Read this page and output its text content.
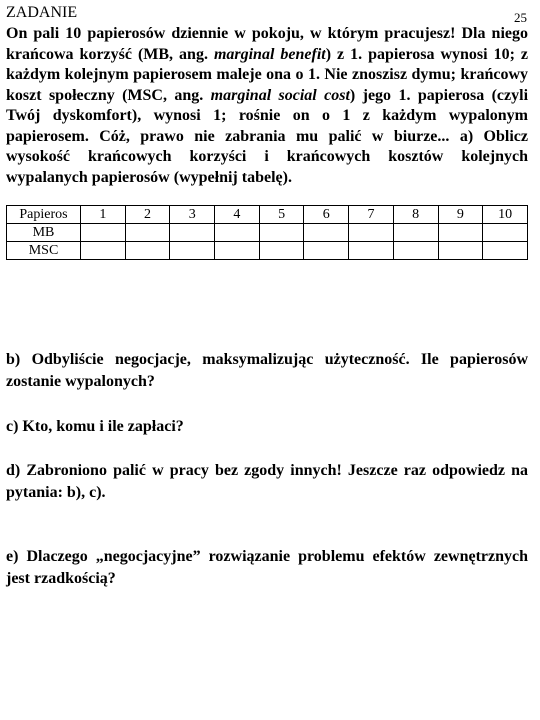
ZADANIE	25

On pali 10 papierosów dziennie w pokoju, w którym pracujesz! Dla niego krańcowa korzyść (MB, ang. marginal benefit) z 1. papierosa wynosi 10; z każdym kolejnym papierosem maleje ona o 1. Nie znoszisz dymu; krańcowy koszt społeczny (MSC, ang. marginal social cost) jego 1. papierosa (czyli Twój dyskomfort), wynosi 1; rośnie on o 1 z każdym wypalonym papierosem. Cóż, prawo nie zabrania mu palić w biurze... a) Oblicz wysokość krańcowych korzyści i krańcowych kosztów kolejnych wypalanych papierosów (wypełnij tabelę).

Papieros	1	2	3	4	5	6	7	8	9	10
MB										
MSC										

b) Odbyliście negocjacje, maksymalizując użyteczność. Ile papierosów zostanie wypalonych?

c) Kto, komu i ile zapłaci?

d) Zabroniono palić w pracy bez zgody innych! Jeszcze raz odpowiedz na pytania: b), c).

e) Dlaczego „negocjacyjne” rozwiązanie problemu efektów zewnętrznych jest rzadkością?
